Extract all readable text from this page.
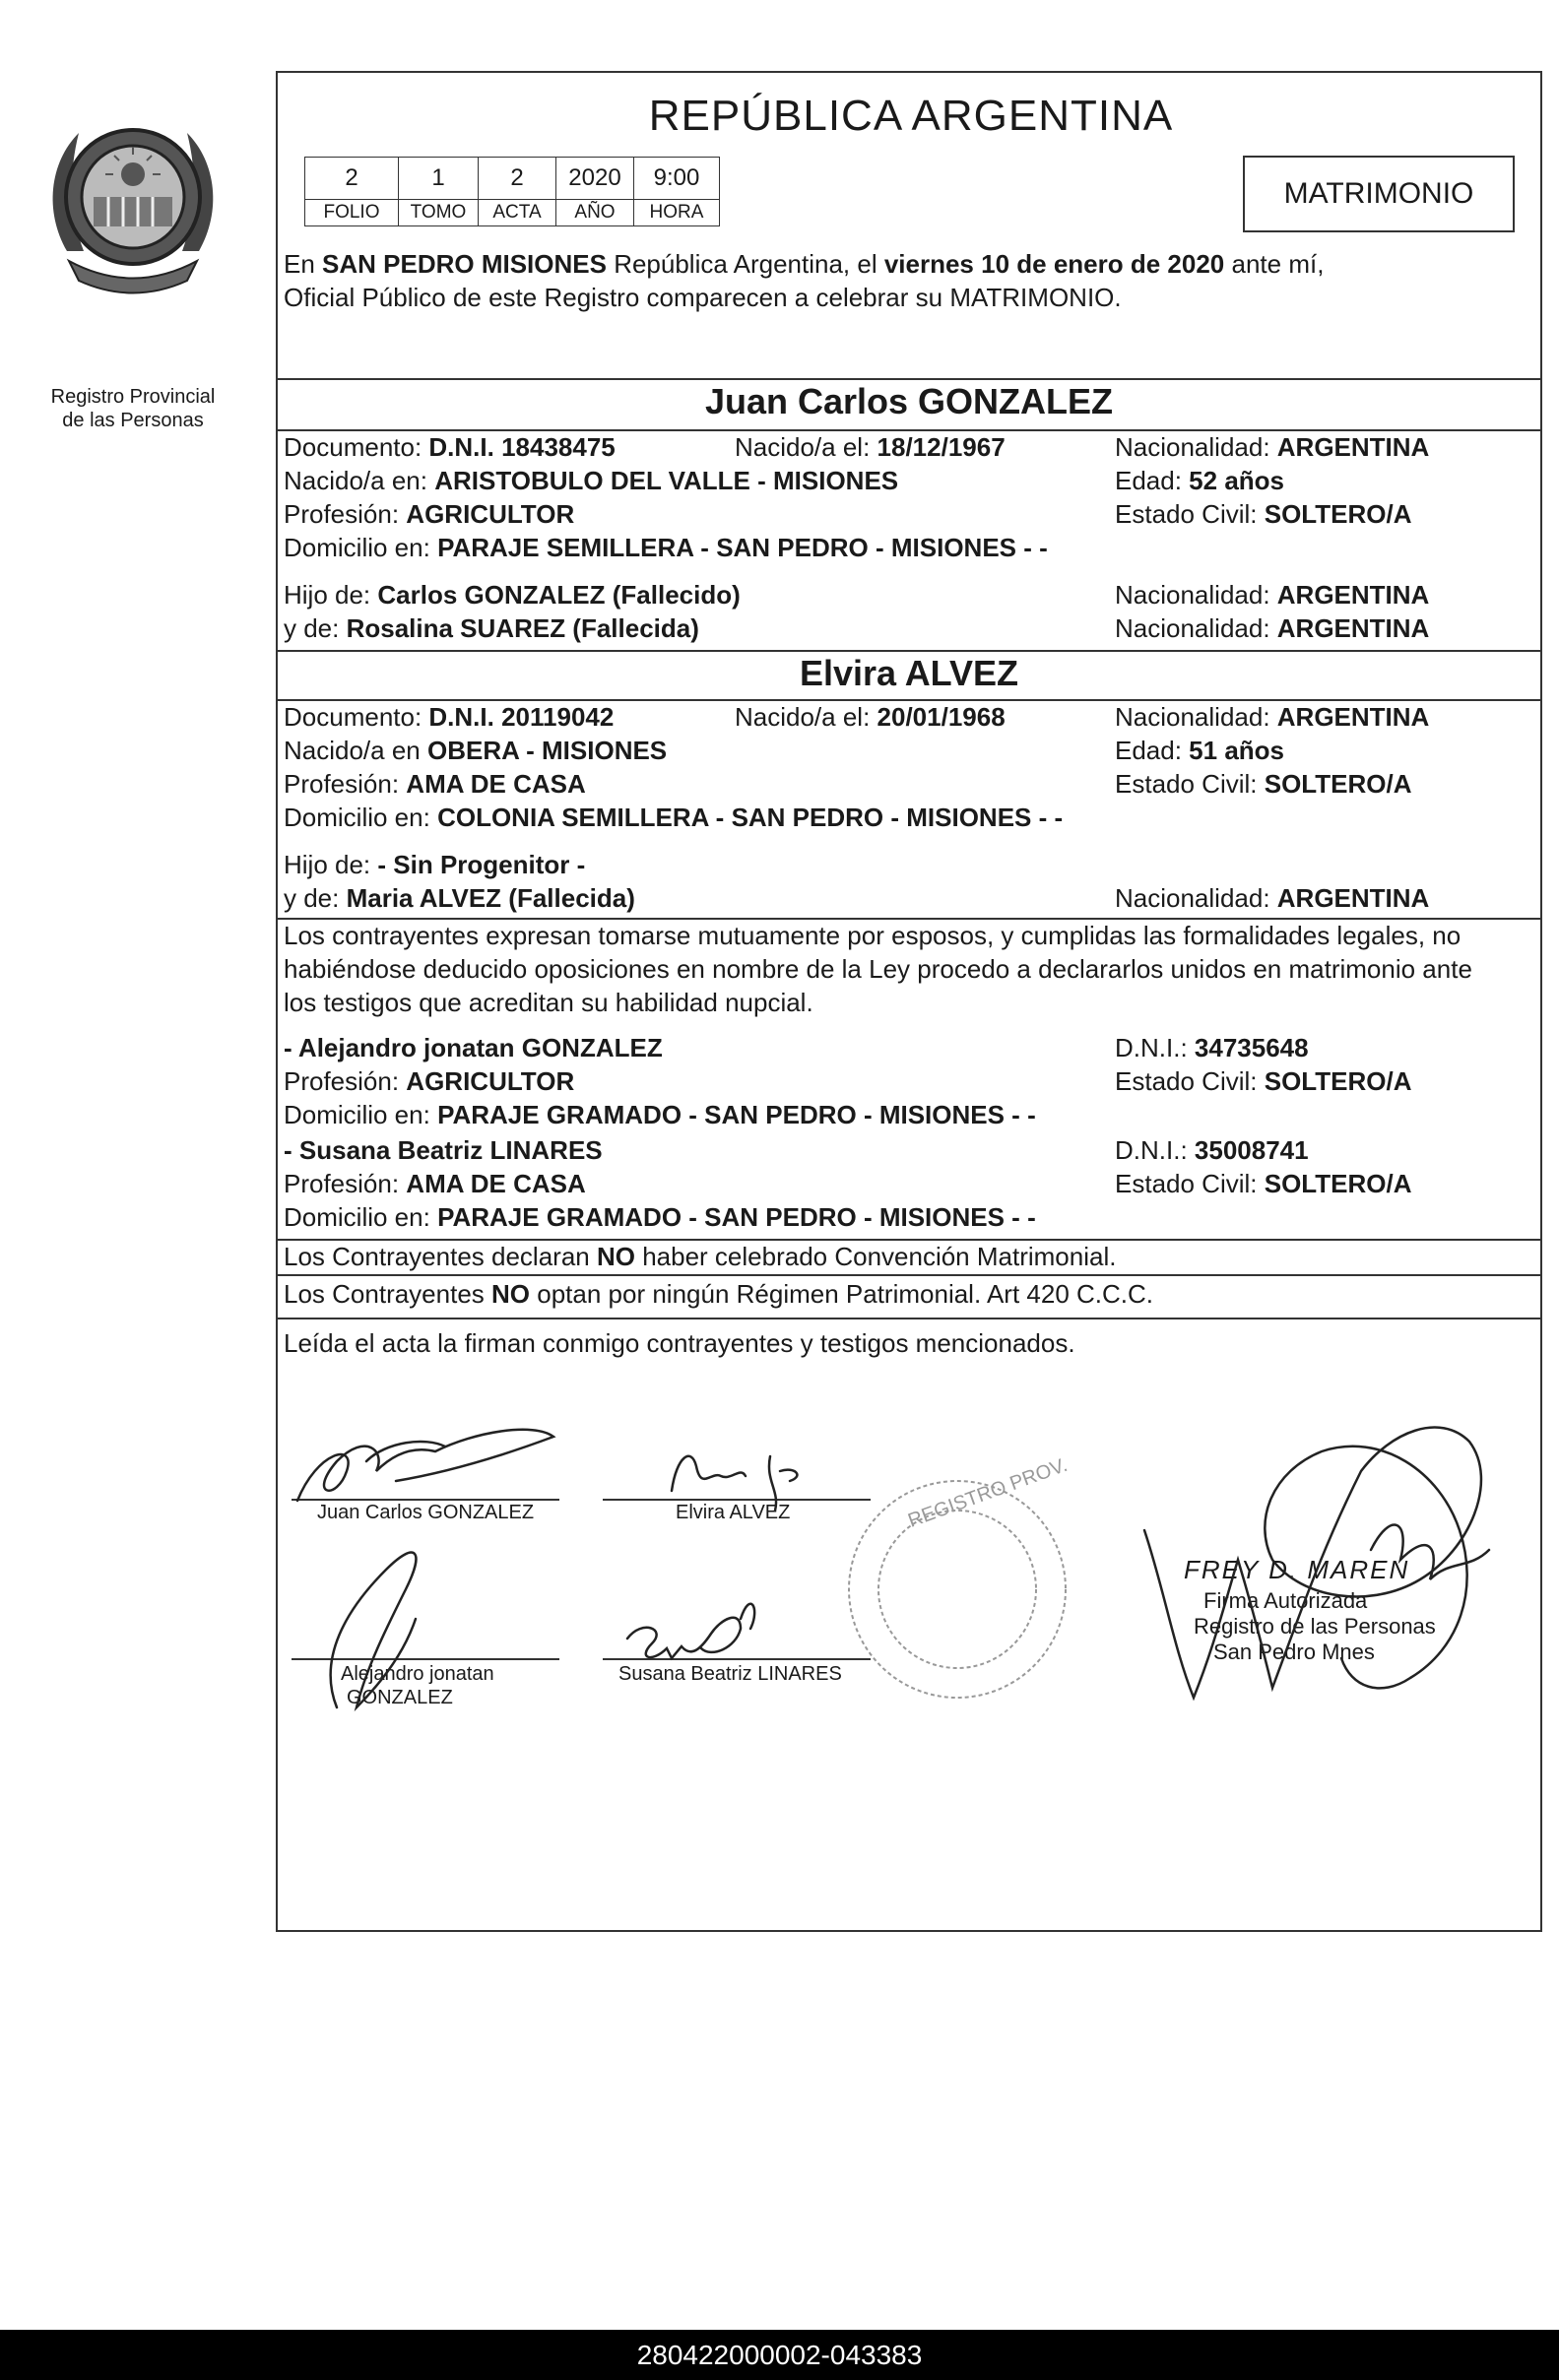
Registro Provincial
de las Personas
REPÚBLICA ARGENTINA
2	1	2	2020	9:00
FOLIO	TOMO	ACTA	AÑO	HORA
MATRIMONIO
En SAN PEDRO MISIONES República Argentina, el viernes 10 de enero de 2020 ante mí,
Oficial Público de este Registro comparecen a celebrar su MATRIMONIO.
Juan Carlos GONZALEZ
Documento: D.N.I. 18438475	Nacido/a el: 18/12/1967	Nacionalidad: ARGENTINA
Nacido/a en: ARISTOBULO DEL VALLE - MISIONES	Edad: 52 años
Profesión: AGRICULTOR	Estado Civil: SOLTERO/A
Domicilio en: PARAJE SEMILLERA - SAN PEDRO - MISIONES - -
Hijo de: Carlos GONZALEZ (Fallecido)	Nacionalidad: ARGENTINA
y de: Rosalina SUAREZ (Fallecida)	Nacionalidad: ARGENTINA
Elvira ALVEZ
Documento: D.N.I. 20119042	Nacido/a el: 20/01/1968	Nacionalidad: ARGENTINA
Nacido/a en OBERA - MISIONES	Edad: 51 años
Profesión: AMA DE CASA	Estado Civil: SOLTERO/A
Domicilio en: COLONIA SEMILLERA - SAN PEDRO - MISIONES - -
Hijo de: - Sin Progenitor -
y de: Maria ALVEZ (Fallecida)	Nacionalidad: ARGENTINA
Los contrayentes expresan tomarse mutuamente por esposos, y cumplidas las formalidades legales, no
habiéndose deducido oposiciones en nombre de la Ley procedo a declararlos unidos en matrimonio ante
los testigos que acreditan su habilidad nupcial.
- Alejandro jonatan GONZALEZ	D.N.I.: 34735648
Profesión: AGRICULTOR	Estado Civil: SOLTERO/A
Domicilio en: PARAJE GRAMADO - SAN PEDRO - MISIONES - -
- Susana Beatriz LINARES	D.N.I.: 35008741
Profesión: AMA DE CASA	Estado Civil: SOLTERO/A
Domicilio en: PARAJE GRAMADO - SAN PEDRO - MISIONES - -
Los Contrayentes declaran NO haber celebrado Convención Matrimonial.
Los Contrayentes NO optan por ningún Régimen Patrimonial. Art 420 C.C.C.
Leída el acta la firman conmigo contrayentes y testigos mencionados.
Juan Carlos GONZALEZ	Elvira ALVEZ
Alejandro jonatan
GONZALEZ
Susana Beatriz LINARES
FREY D. MAREN
Firma Autorizada
Registro de las Personas
San Pedro Mnes
REGISTRO PROV.
280422000002-043383
